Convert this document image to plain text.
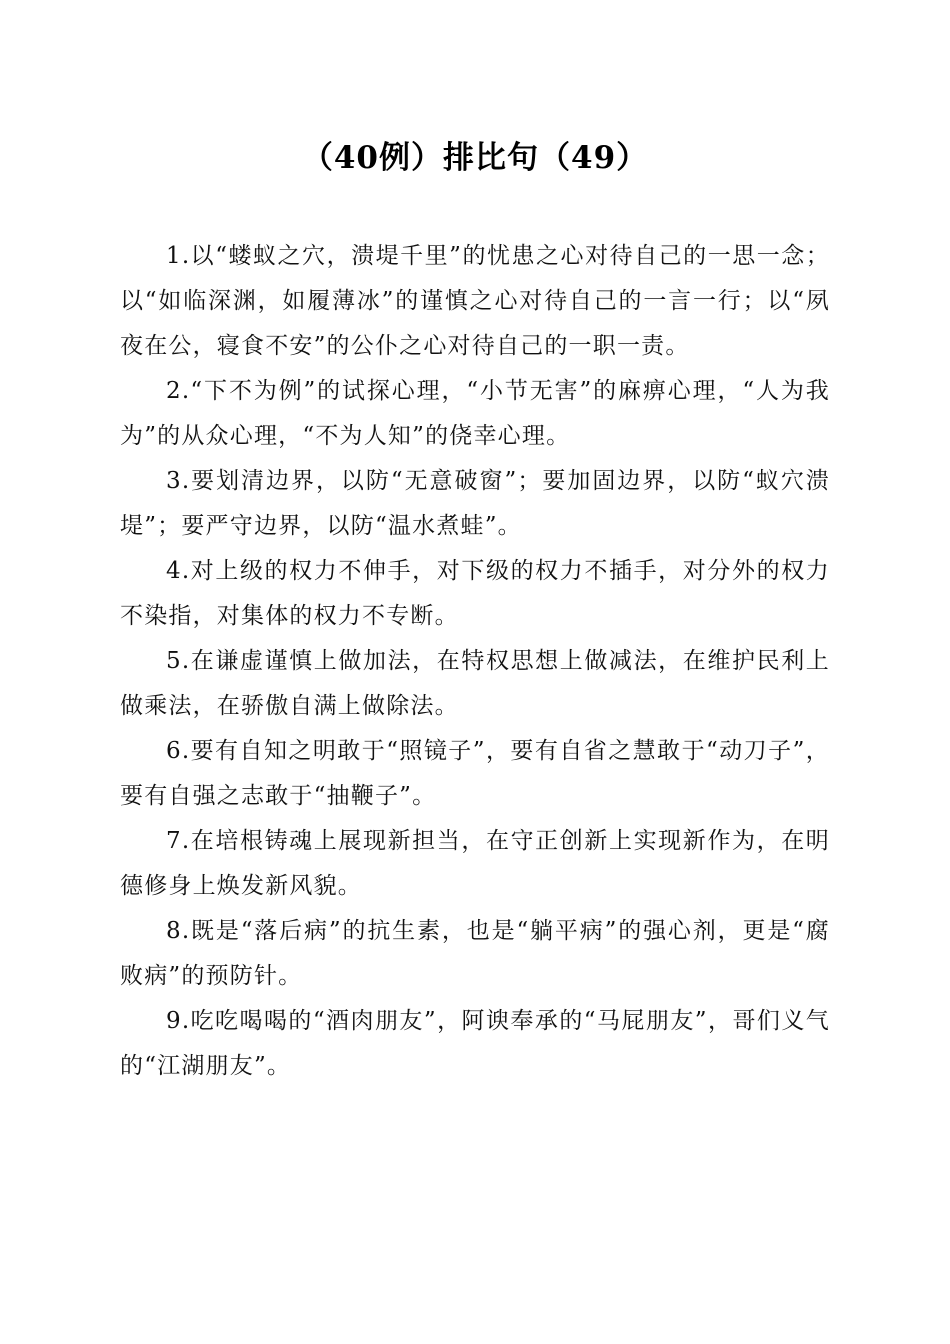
（40例）排比句（49）

1.以“蝼蚁之穴，溃堤千里”的忧患之心对待自己的一思一念；以“如临深渊，如履薄冰”的谨慎之心对待自己的一言一行；以“夙夜在公，寝食不安”的公仆之心对待自己的一职一责。

2.“下不为例”的试探心理，“小节无害”的麻痹心理，“人为我为”的从众心理，“不为人知”的侥幸心理。

3.要划清边界，以防“无意破窗”；要加固边界，以防“蚁穴溃堤”；要严守边界，以防“温水煮蛙”。

4.对上级的权力不伸手，对下级的权力不插手，对分外的权力不染指，对集体的权力不专断。

5.在谦虚谨慎上做加法，在特权思想上做减法，在维护民利上做乘法，在骄傲自满上做除法。

6.要有自知之明敢于“照镜子”，要有自省之慧敢于“动刀子”，要有自强之志敢于“抽鞭子”。

7.在培根铸魂上展现新担当，在守正创新上实现新作为，在明德修身上焕发新风貌。

8.既是“落后病”的抗生素，也是“躺平病”的强心剂，更是“腐败病”的预防针。

9.吃吃喝喝的“酒肉朋友”，阿谀奉承的“马屁朋友”，哥们义气的“江湖朋友”。
